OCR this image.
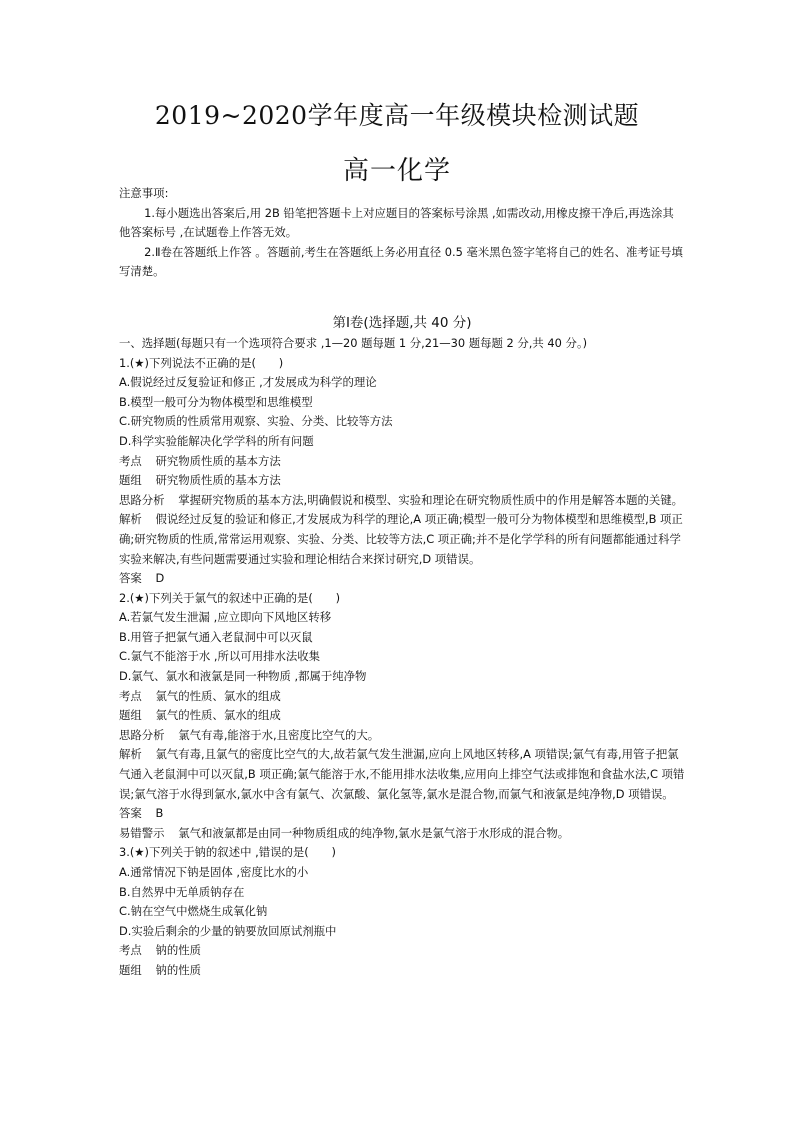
2019~2020学年度高一年级模块检测试题
高一化学

注意事项:

1.每小题选出答案后,用 2B 铅笔把答题卡上对应题目的答案标号涂黑 ,如需改动,用橡皮擦干净后,再选涂其他答案标号 ,在试题卷上作答无效。

2.Ⅱ卷在答题纸上作答 。答题前,考生在答题纸上务必用直径 0.5 毫米黑色签字笔将自己的姓名、准考证号填写清楚。

第Ⅰ卷(选择题,共 40 分)

一、选择题(每题只有一个选项符合要求 ,1—20 题每题 1 分,21—30 题每题 2 分,共 40 分。)

1.(★)下列说法不正确的是(　　)

A.假说经过反复验证和修正 ,才发展成为科学的理论

B.模型一般可分为物体模型和思维模型

C.研究物质的性质常用观察、实验、分类、比较等方法

D.科学实验能解决化学学科的所有问题

考点 研究物质性质的基本方法

题组 研究物质性质的基本方法

思路分析 掌握研究物质的基本方法,明确假说和模型、实验和理论在研究物质性质中的作用是解答本题的关键。

解析 假说经过反复的验证和修正,才发展成为科学的理论,A 项正确;模型一般可分为物体模型和思维模型,B 项正确;研究物质的性质,常常运用观察、实验、分类、比较等方法,C 项正确;并不是化学学科的所有问题都能通过科学实验来解决,有些问题需要通过实验和理论相结合来探讨研究,D 项错误。

答案 D

2.(★)下列关于氯气的叙述中正确的是(　　)

A.若氯气发生泄漏 ,应立即向下风地区转移

B.用管子把氯气通入老鼠洞中可以灭鼠

C.氯气不能溶于水 ,所以可用排水法收集

D.氯气、氯水和液氯是同一种物质 ,都属于纯净物

考点 氯气的性质、氯水的组成

题组 氯气的性质、氯水的组成

思路分析 氯气有毒,能溶于水,且密度比空气的大。

解析 氯气有毒,且氯气的密度比空气的大,故若氯气发生泄漏,应向上风地区转移,A 项错误;氯气有毒,用管子把氯气通入老鼠洞中可以灭鼠,B 项正确;氯气能溶于水,不能用排水法收集,应用向上排空气法或排饱和食盐水法,C 项错误;氯气溶于水得到氯水,氯水中含有氯气、次氯酸、氯化氢等,氯水是混合物,而氯气和液氯是纯净物,D 项错误。

答案 B

易错警示 氯气和液氯都是由同一种物质组成的纯净物,氯水是氯气溶于水形成的混合物。

3.(★)下列关于钠的叙述中 ,错误的是(　　)

A.通常情况下钠是固体 ,密度比水的小

B.自然界中无单质钠存在

C.钠在空气中燃烧生成氧化钠

D.实验后剩余的少量的钠要放回原试剂瓶中

考点 钠的性质

题组 钠的性质
